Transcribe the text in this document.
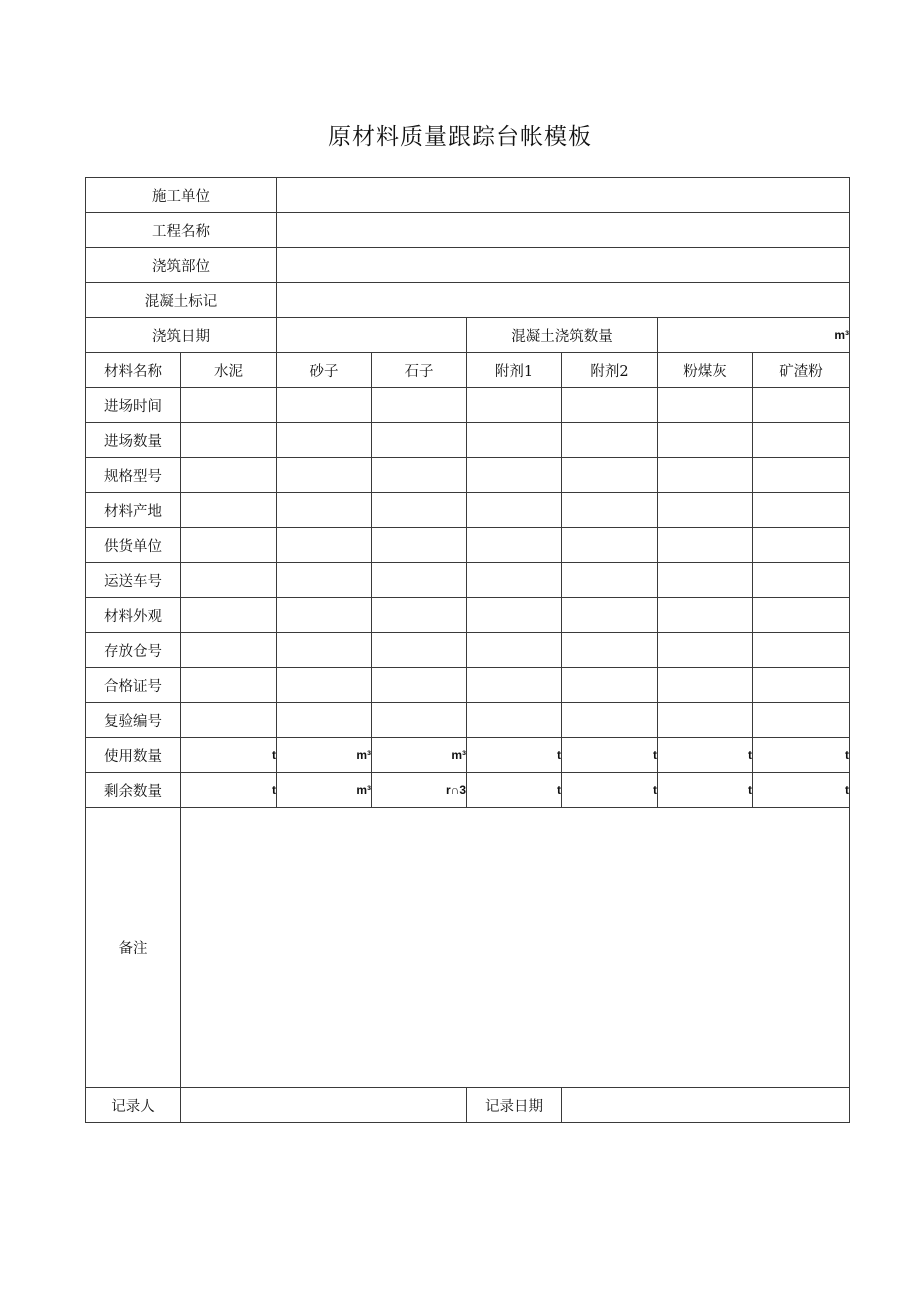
原材料质量跟踪台帐模板
施工单位							
工程名称							
浇筑部位							
混凝土标记							
浇筑日期				混凝土浇筑数量		m³	
材料名称	水泥	砂子	石子	附剂1	附剂2	粉煤灰	矿渣粉
进场时间							
进场数量							
规格型号							
材料产地							
供货单位							
运送车号							
材料外观							
存放仓号							
合格证号							
复验编号							
使用数量	t	m³	m³	t	t	t	t
剩余数量	t	m³	r∩3	t	t	t	t
备注							
记录人				记录日期			
